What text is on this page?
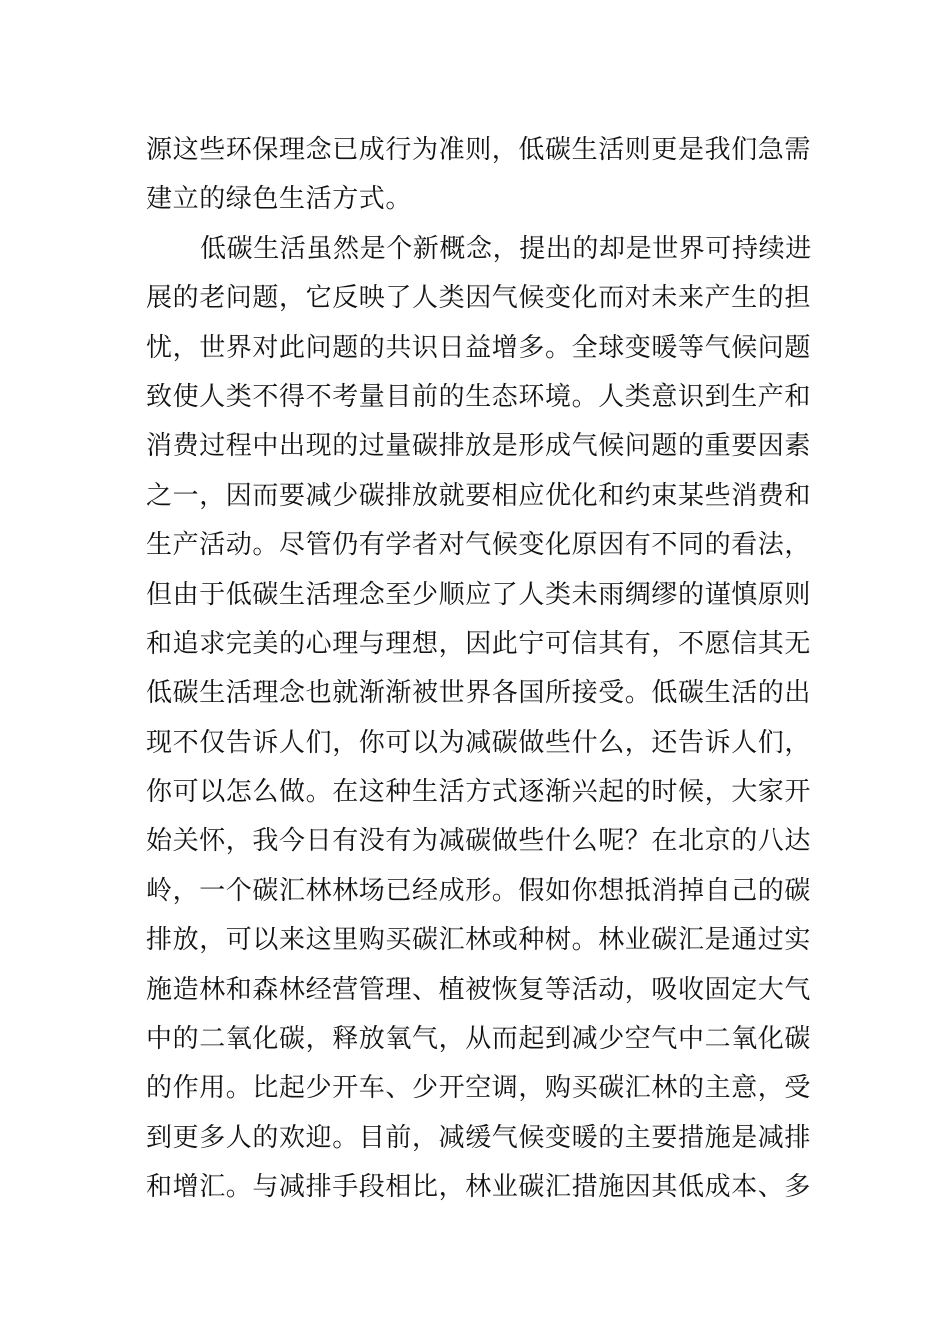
源这些环保理念已成行为准则，低碳生活则更是我们急需
建立的绿色生活方式。
低碳生活虽然是个新概念，提出的却是世界可持续进
展的老问题，它反映了人类因气候变化而对未来产生的担
忧，世界对此问题的共识日益增多。全球变暖等气候问题
致使人类不得不考量目前的生态环境。人类意识到生产和
消费过程中出现的过量碳排放是形成气候问题的重要因素
之一，因而要减少碳排放就要相应优化和约束某些消费和
生产活动。尽管仍有学者对气候变化原因有不同的看法，
但由于低碳生活理念至少顺应了人类未雨绸缪的谨慎原则
和追求完美的心理与理想，因此宁可信其有，不愿信其无
低碳生活理念也就渐渐被世界各国所接受。低碳生活的出
现不仅告诉人们，你可以为减碳做些什么，还告诉人们，
你可以怎么做。在这种生活方式逐渐兴起的时候，大家开
始关怀，我今日有没有为减碳做些什么呢？在北京的八达
岭，一个碳汇林林场已经成形。假如你想抵消掉自己的碳
排放，可以来这里购买碳汇林或种树。林业碳汇是通过实
施造林和森林经营管理、植被恢复等活动，吸收固定大气
中的二氧化碳，释放氧气，从而起到减少空气中二氧化碳
的作用。比起少开车、少开空调，购买碳汇林的主意，受
到更多人的欢迎。目前，减缓气候变暖的主要措施是减排
和增汇。与减排手段相比，林业碳汇措施因其低成本、多
